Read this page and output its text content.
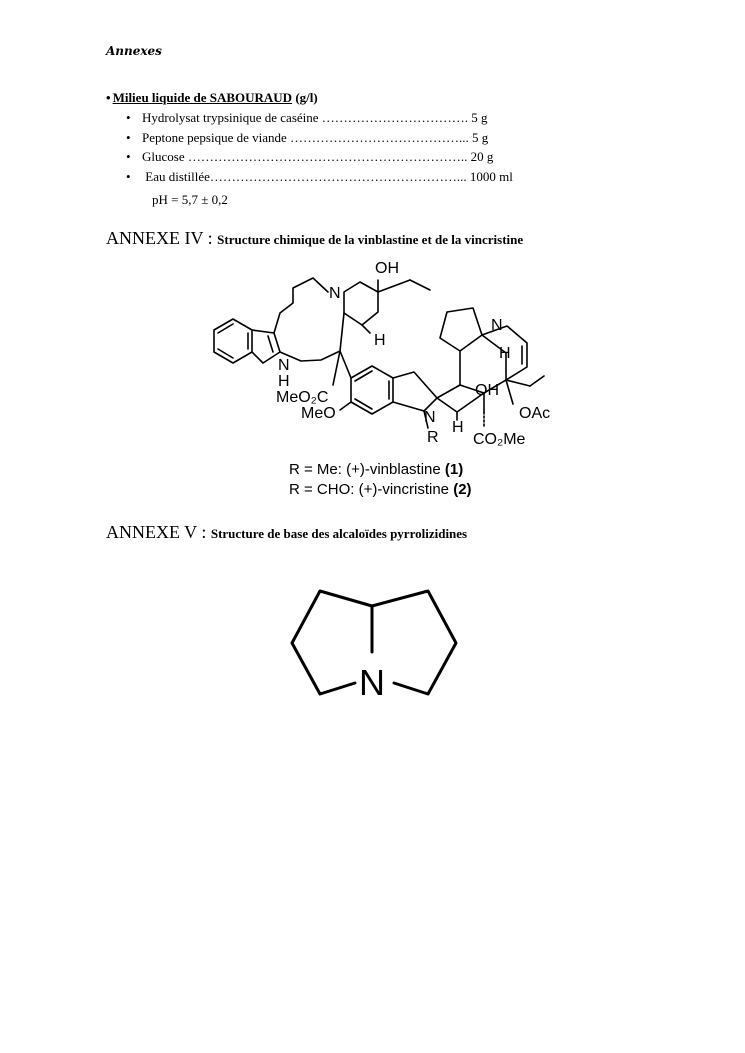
Annexes
• Milieu liquide de SABOURAUD (g/l)
• Hydrolysat trypsinique de caséine ……………………………. 5 g
• Peptone pepsique de viande …………………………………... 5 g
• Glucose ……………………………………………………….. 20 g
• Eau distillée…………………………………………………... 1000 ml
pH = 5,7 ± 0,2
ANNEXE IV : Structure chimique de la vinblastine et de la vincristine
OH
N
H
N
H
MeO₂C
MeO
N
H
OH
OAc
N
H
R CO₂Me
R = Me: (+)-vinblastine (1)
R = CHO: (+)-vincristine (2)
N
ANNEXE V : Structure de base des alcaloïdes pyrrolizidines
